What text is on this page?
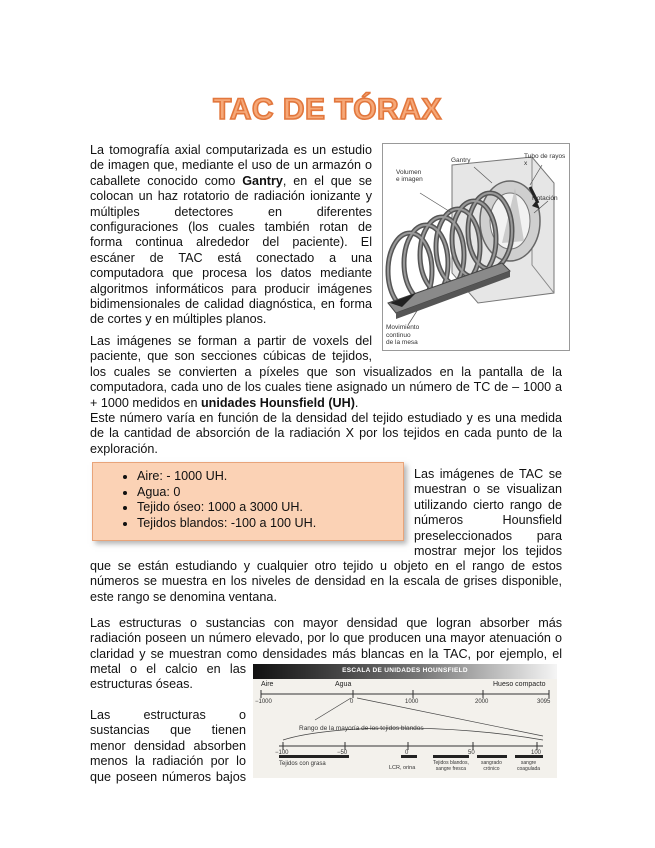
TAC DE TÓRAX
La tomografía axial computarizada es un estudio
de imagen que, mediante el uso de un armazón o
caballete conocido como Gantry, en el que se
colocan un haz rotatorio de radiación ionizante y
múltiples detectores en diferentes
configuraciones (los cuales también rotan de
forma continua alrededor del paciente). El
escáner de TAC está conectado a una
computadora que procesa los datos mediante
algoritmos informáticos para producir imágenes
bidimensionales de calidad diagnóstica, en forma
de cortes y en múltiples planos.
Gantry
Tubo de rayos x
Volumen
e imagen
Rotación
Movimiento
continuo
de la mesa
Las imágenes se forman a partir de voxels del
paciente, que son secciones cúbicas de tejidos,
los cuales se convierten a píxeles que son visualizados en la pantalla de la
computadora, cada uno de los cuales tiene asignado un número de TC de – 1000 a
+ 1000 medidos en unidades Hounsfield (UH).
Este número varía en función de la densidad del tejido estudiado y es una medida
de la cantidad de absorción de la radiación X por los tejidos en cada punto de la
exploración.
• Aire: - 1000 UH.
• Agua: 0
• Tejido óseo: 1000 a 3000 UH.
• Tejidos blandos: -100 a 100 UH.
Las imágenes de TAC se
muestran o se visualizan
utilizando cierto rango de
números Hounsfield
preseleccionados para
mostrar mejor los tejidos
que se están estudiando y cualquier otro tejido u objeto en el rango de estos
números se muestra en los niveles de densidad en la escala de grises disponible,
este rango se denomina ventana.
Las estructuras o sustancias con mayor densidad que logran absorber más
radiación poseen un número elevado, por lo que producen una mayor atenuación o
claridad y se muestran como densidades más blancas en la TAC, por ejemplo, el
metal o el calcio en las
estructuras óseas.
Las estructuras o
sustancias que tienen
menor densidad absorben
menos la radiación por lo
que poseen números bajos
ESCALA DE UNIDADES HOUNSFIELD
Aire	Agua	Hueso compacto
−1000	0	1000	2000	3095
Rango de la mayoría de los tejidos blandos
−100	−50	0	50	100
Tejidos con grasa
LCR, orina
Tejidos blandos,
sangre fresca
sangrado
crónico
sangre
coagulada
